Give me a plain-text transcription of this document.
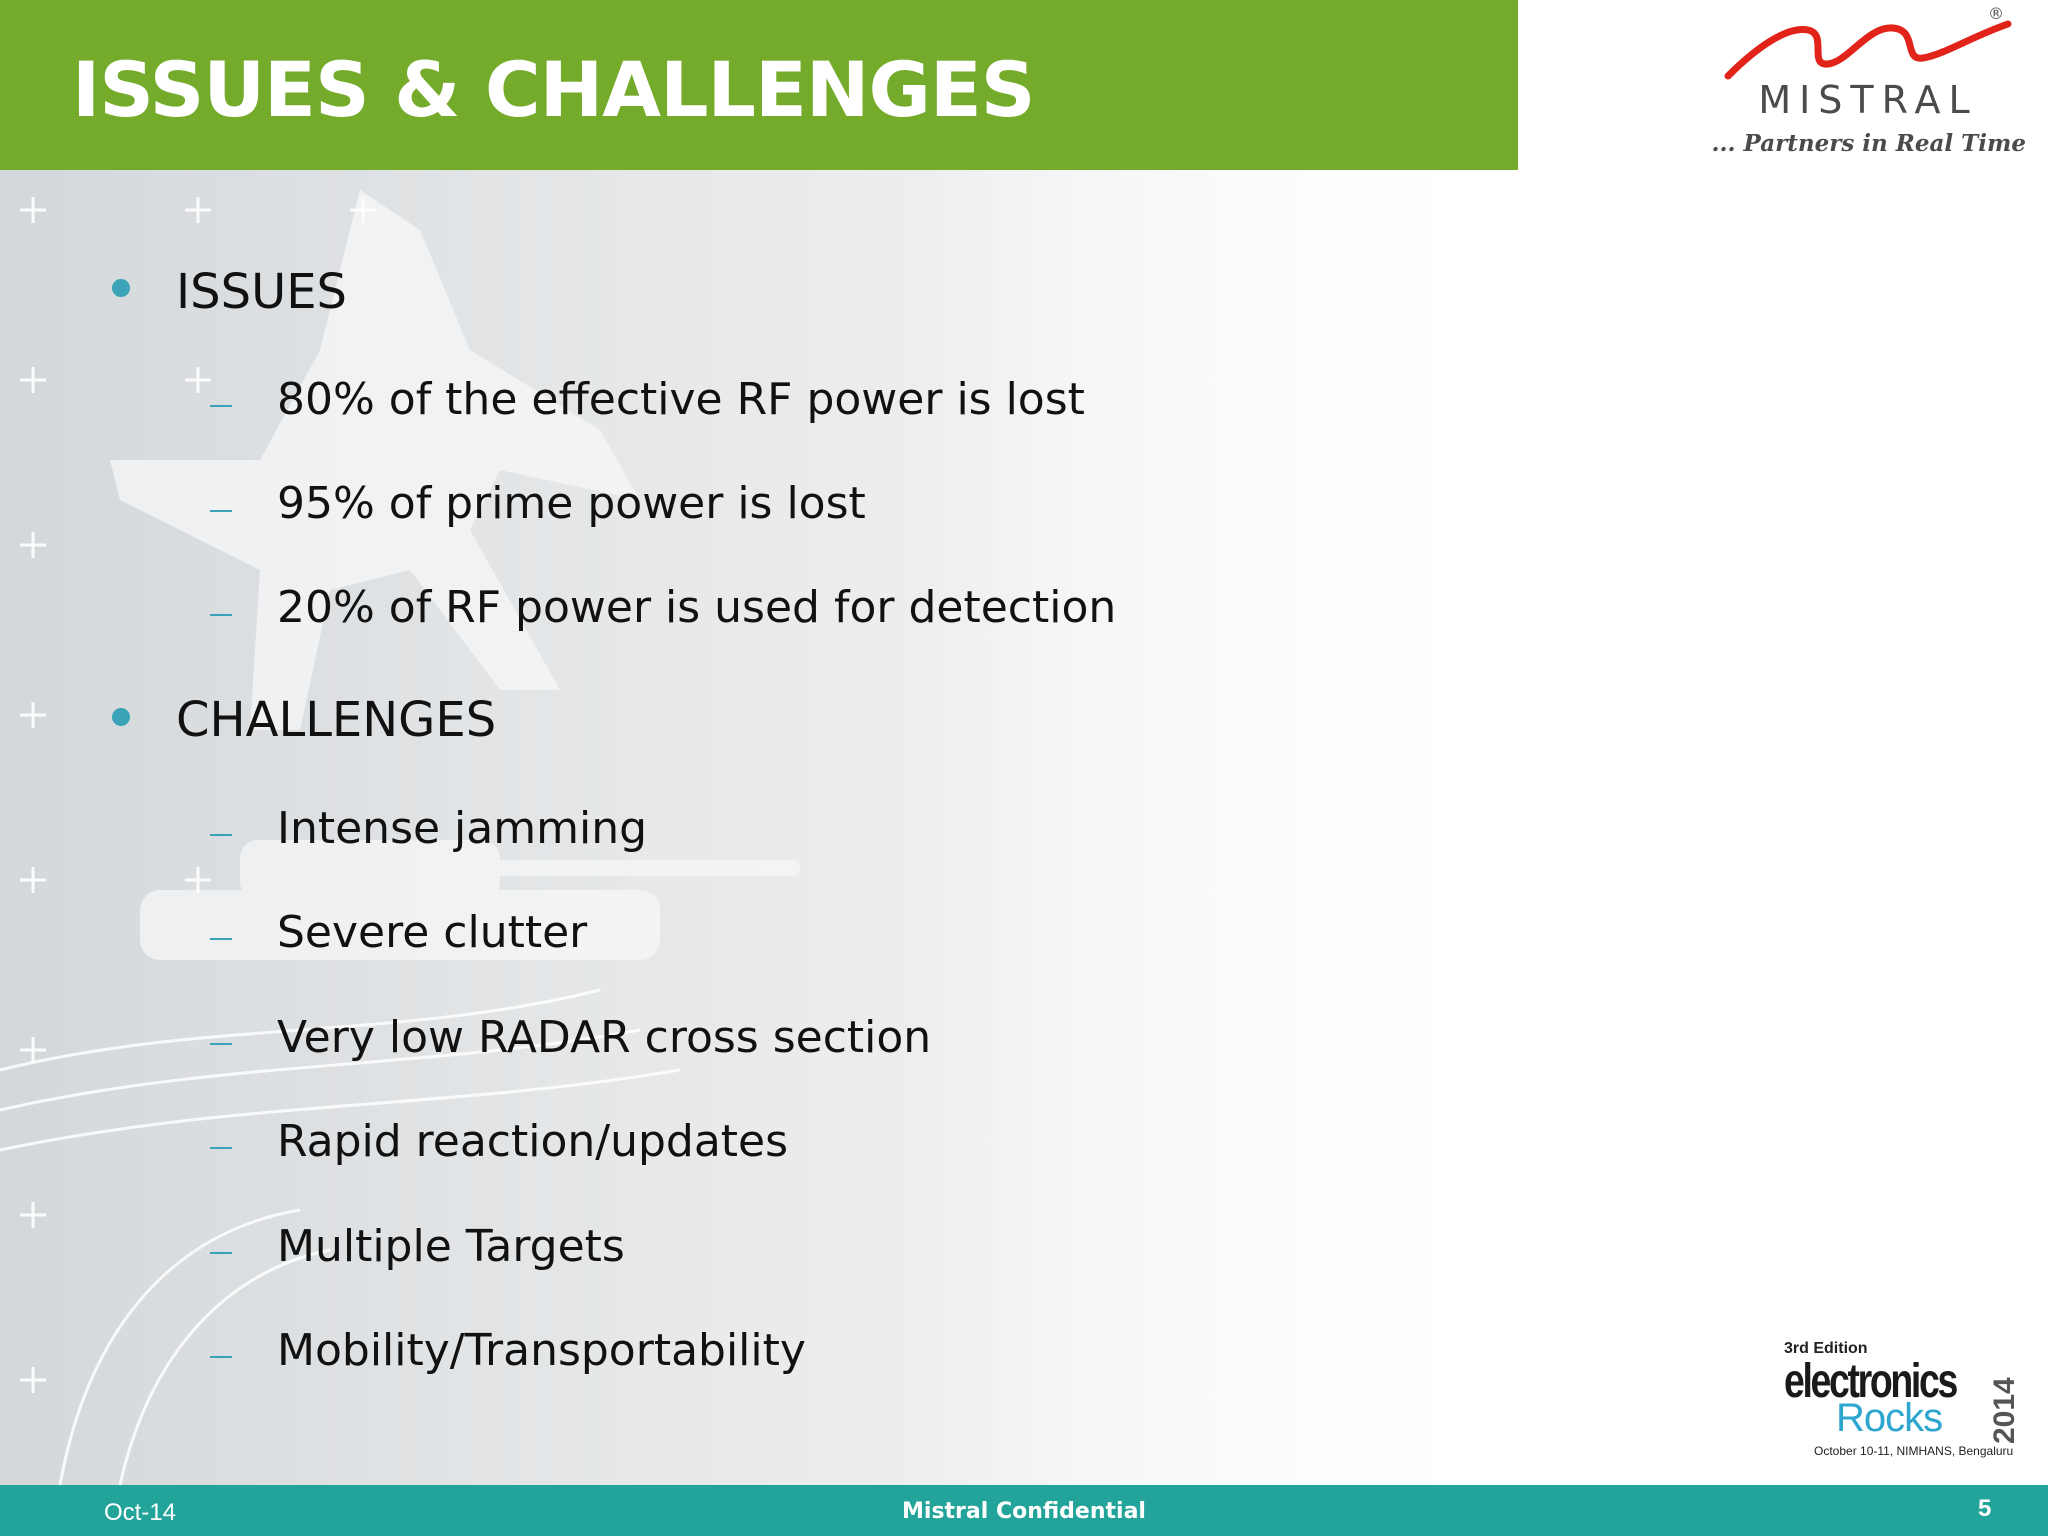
ISSUES & CHALLENGES
®
MISTRAL
... Partners in Real Time
ISSUES
80% of the effective RF power is lost
95% of prime power is lost
20% of RF power is used for detection
CHALLENGES
Intense jamming
Severe clutter
Very low RADAR cross section
Rapid reaction/updates
Multiple Targets
Mobility/Transportability	3rd Edition
electronics
Rocks 2014
October 10-11, NIMHANS, Bengaluru
Mistral Confidential
Oct-14	5
